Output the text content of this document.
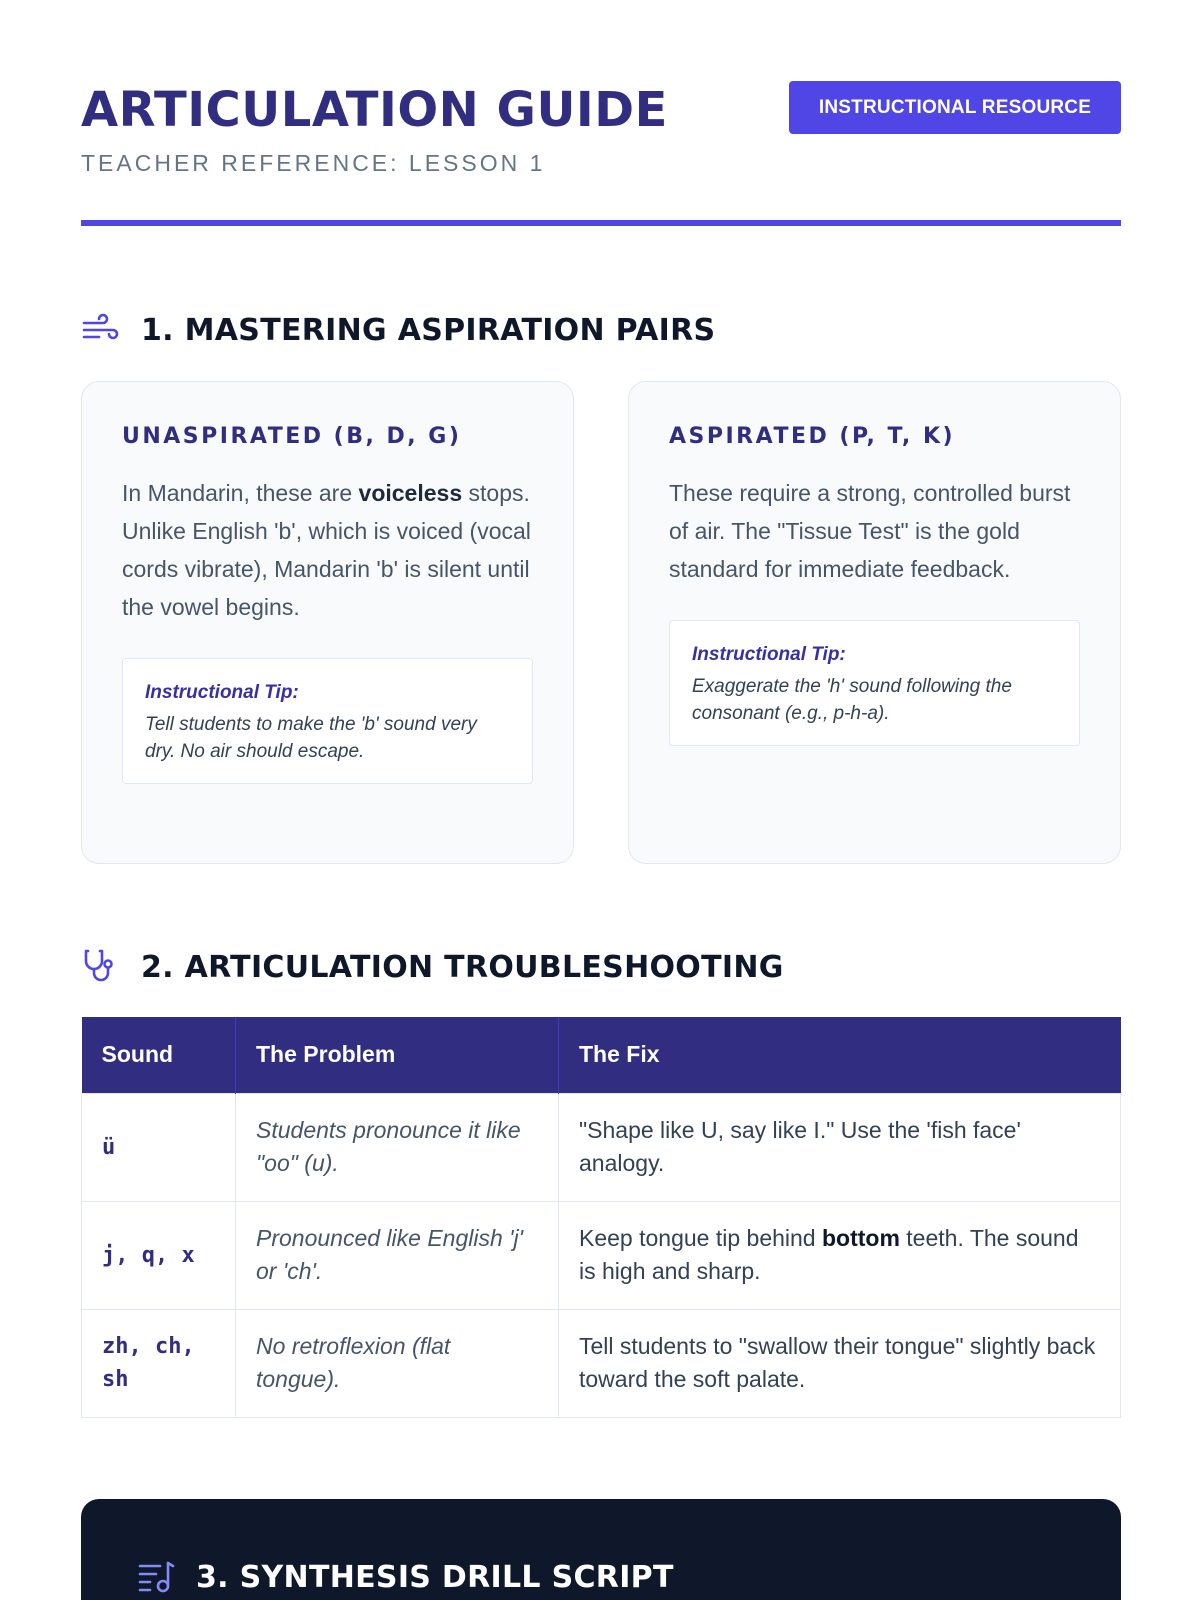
ARTICULATION GUIDE
TEACHER REFERENCE: LESSON 1
INSTRUCTIONAL RESOURCE
1. MASTERING ASPIRATION PAIRS
UNASPIRATED (B, D, G)

In Mandarin, these are voiceless stops. Unlike English 'b', which is voiced (vocal cords vibrate), Mandarin 'b' is silent until the vowel begins.

Instructional Tip:
Tell students to make the 'b' sound very dry. No air should escape.
ASPIRATED (P, T, K)

These require a strong, controlled burst of air. The "Tissue Test" is the gold standard for immediate feedback.

Instructional Tip:
Exaggerate the 'h' sound following the consonant (e.g., p-h-a).
2. ARTICULATION TROUBLESHOOTING
Sound	The Problem	The Fix
ü	Students pronounce it like "oo" (u).	"Shape like U, say like I." Use the 'fish face' analogy.
j, q, x	Pronounced like English 'j' or 'ch'.	Keep tongue tip behind bottom teeth. The sound is high and sharp.
zh, ch, sh	No retroflexion (flat tongue).	Tell students to "swallow their tongue" slightly back toward the soft palate.
3. SYNTHESIS DRILL SCRIPT
